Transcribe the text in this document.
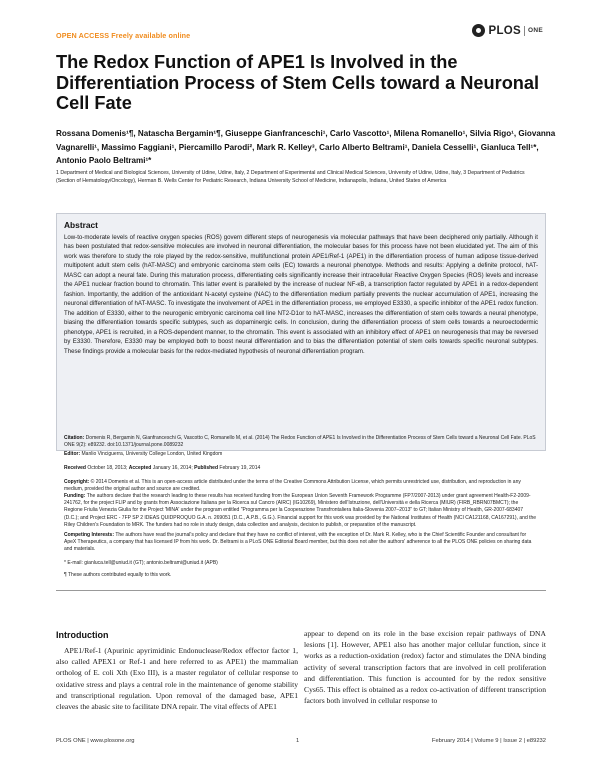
OPEN ACCESS Freely available online	PLOS ONE
The Redox Function of APE1 Is Involved in the Differentiation Process of Stem Cells toward a Neuronal Cell Fate
Rossana Domenis¹¶, Natascha Bergamin¹¶, Giuseppe Gianfranceschi¹, Carlo Vascotto¹, Milena Romanello¹, Silvia Rigo¹, Giovanna Vagnarelli¹, Massimo Faggiani¹, Piercamillo Parodi², Mark R. Kelley³, Carlo Alberto Beltrami¹, Daniela Cesselli¹, Gianluca Tell¹*, Antonio Paolo Beltrami¹*
1 Department of Medical and Biological Sciences, University of Udine, Udine, Italy, 2 Department of Experimental and Clinical Medical Sciences, University of Udine, Udine, Italy, 3 Department of Pediatrics (Section of Hematology/Oncology), Herman B. Wells Center for Pediatric Research, Indiana University School of Medicine, Indianapolis, Indiana, United States of America
Abstract
Low-to-moderate levels of reactive oxygen species (ROS) govern different steps of neurogenesis via molecular pathways that have been deciphered only partially. Although it has been postulated that redox-sensitive molecules are involved in neuronal differentiation, the molecular bases for this process have not been elucidated yet. The aim of this work was therefore to study the role played by the redox-sensitive, multifunctional protein APE1/Ref-1 (APE1) in the differentiation process of human adipose tissue-derived multipotent adult stem cells (hAT-MASC) and embryonic carcinoma stem cells (EC) towards a neuronal phenotype. Methods and results: Applying a definite protocol, hAT-MASC can adopt a neural fate. During this maturation process, differentiating cells significantly increase their intracellular Reactive Oxygen Species (ROS) levels and increase the APE1 nuclear fraction bound to chromatin. This latter event is paralleled by the increase of nuclear NF-κB, a transcription factor regulated by APE1 in a redox-dependent fashion. Importantly, the addition of the antioxidant N-acetyl cysteine (NAC) to the differentiation medium partially prevents the nuclear accumulation of APE1, increasing the neuronal differentiation of hAT-MASC. To investigate the involvement of APE1 in the differentiation process, we employed E3330, a specific inhibitor of the APE1 redox function. The addition of E3330, either to the neurogenic embryonic carcinoma cell line NT2-D1or to hAT-MASC, increases the differentiation of stem cells towards a neural phenotype, biasing the differentiation towards specific subtypes, such as dopaminergic cells. In conclusion, during the differentiation process of stem cells towards a neuroectodermic phenotype, APE1 is recruited, in a ROS-dependent manner, to the chromatin. This event is associated with an inhibitory effect of APE1 on neurogenesis that may be reversed by E3330. Therefore, E3330 may be employed both to boost neural differentiation and to bias the differentiation potential of stem cells towards specific neuronal subtypes. These findings provide a molecular basis for the redox-mediated hypothesis of neuronal differentiation program.
Citation: Domenis R, Bergamin N, Gianfranceschi G, Vascotto C, Romanello M, et al. (2014) The Redox Function of APE1 Is Involved in the Differentiation Process of Stem Cells toward a Neuronal Cell Fate. PLoS ONE 9(2): e89232. doi:10.1371/journal.pone.0089232
Editor: Manlio Vinciguerra, University College London, United Kingdom
Received October 18, 2013; Accepted January 16, 2014; Published February 19, 2014
Copyright: © 2014 Domenis et al. This is an open-access article distributed under the terms of the Creative Commons Attribution License, which permits unrestricted use, distribution, and reproduction in any medium, provided the original author and source are credited.
Funding: The authors declare that the research leading to these results has received funding from the European Union Seventh Framework Programme (FP7/2007-2013) under grant agreement Health-F2-2009-241762, for the project FLIP and by grants from Associazione Italiana per la Ricerca sul Cancro (AIRC) (IG10269), Ministero dell'Istruzione, dell'Università e della Ricerca (MIUR) (FIRB_RBRN07BMCT); the Regione Friulia Venezia Giulia for the Project 'MINA' under the program entitled "Programma per la Cooperazione Transfrontaliera Italia-Slovenia 2007–2013" to GT; Italian Ministry of Health, GR-2007-683407 (D.C.); and Project ERC - 7FP SP 2 IDEAS QUIDPROQUO G.A. n. 269051 (D.C., A.P.B., G.G.). Financial support for this work was provided by the National Institutes of Health (NCI CA121168, CA167291), and the Riley Children's Foundation to MRK. The funders had no role in study design, data collection and analysis, decision to publish, or preparation of the manuscript.
Competing Interests: The authors have read the journal's policy and declare that they have no conflict of interest, with the exception of Dr. Mark R. Kelley, who is the Chief Scientific Founder and consultant for ApeX Therapeutics, a company that has licensed IP from his work. Dr. Beltrami is a PLoS ONE Editorial Board member, but this does not alter the authors' adherence to all the PLOS ONE policies on sharing data and materials.
* E-mail: gianluca.tell@uniud.it (GT); antonio.beltrami@uniud.it (APB)
¶ These authors contributed equally to this work.
Introduction

APE1/Ref-1 (Apurinic apyrimidinic Endonuclease/Redox effector factor 1, also called APEX1 or Ref-1 and here referred to as APE1) the mammalian ortholog of E. coli Xth (Exo III), is a master regulator of cellular response to oxidative stress and plays a central role in the maintenance of genome stability and transcriptional regulation. Upon removal of the damaged base, APE1 cleaves the abasic site to facilitate DNA repair. The vital effects of APE1

appear to depend on its role in the base excision repair pathways of DNA lesions [1]. However, APE1 also has another major cellular function, since it works as a reduction-oxidation (redox) factor and stimulates the DNA binding activity of several transcription factors that are involved in cell proliferation and differentiation. This function is accounted for by the redox sensitive Cys65. This effect is obtained as a redox co-activation of different transcription factors both involved in cellular response to

PLOS ONE | www.plosone.org	1	February 2014 | Volume 9 | Issue 2 | e89232
